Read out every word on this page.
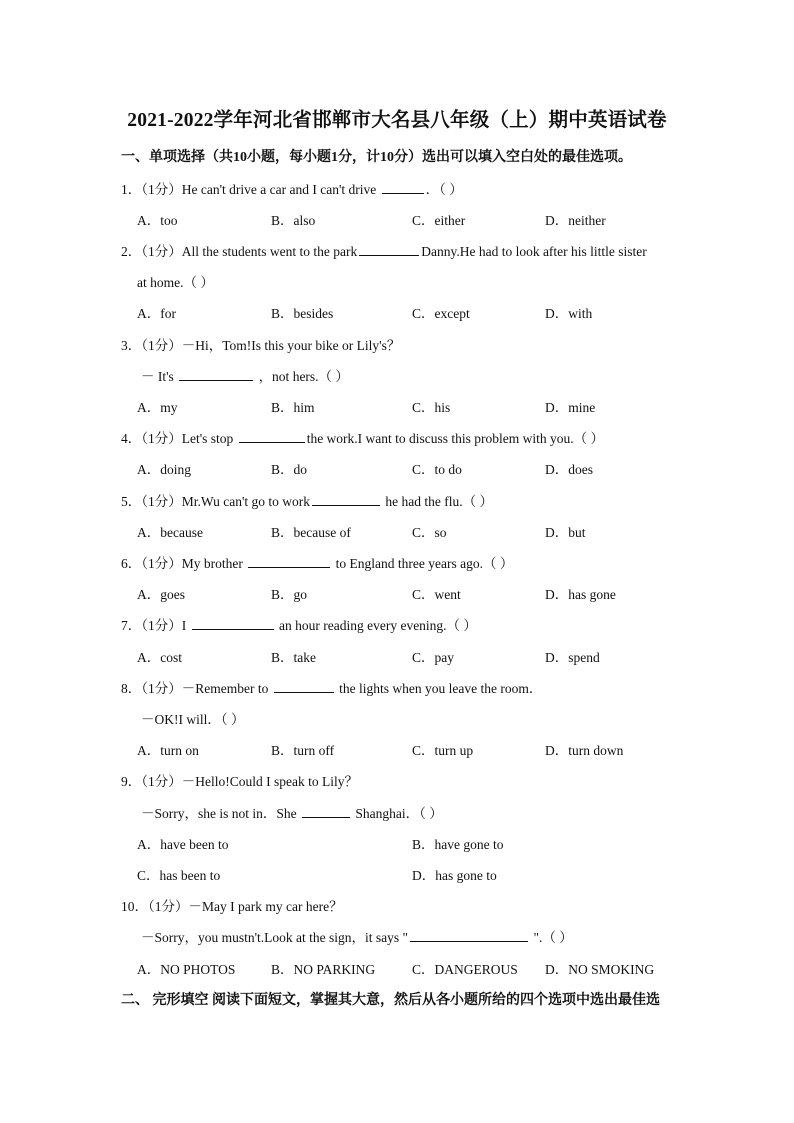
2021-2022学年河北省邯郸市大名县八年级（上）期中英语试卷
一、单项选择（共10小题，每小题1分，计10分）选出可以填入空白处的最佳选项。
1．（1分）He can't drive a car and I can't drive	．（ ）
A．too	B．also	C．either	D．neither
2．（1分）All the students went to the park	Danny.He had to look after his little sister
at home.（ ）
A．for	B．besides	C．except	D．with
3．（1分）－Hi，Tom!Is this your bike or Lily's？
－ It's	，not hers.（ ）
A．my	B．him	C．his	D．mine
4．（1分）Let's stop	the work.I want to discuss this problem with you.（ ）
A．doing	B．do	C．to do	D．does
5．（1分）Mr.Wu can't go to work	he had the flu.（ ）
A．because	B．because of	C．so	D．but
6．（1分）My brother	to England three years ago.（ ）
A．goes	B．go	C．went	D．has gone
7．（1分）I	an hour reading every evening.（ ）
A．cost	B．take	C．pay	D．spend
8．（1分）－Remember to	the lights when you leave the room．
－OK!I will．（ ）
A．turn on	B．turn off	C．turn up	D．turn down
9．（1分）－Hello!Could I speak to Lily？
－Sorry，she is not in．She	Shanghai．（ ）
A．have been to	B．have gone to
C．has been to	D．has gone to
10．（1分）－May I park my car here？
－Sorry，you mustn't.Look at the sign，it says "	".（ ）
A．NO PHOTOS	B．NO PARKING	C．DANGEROUS D．NO SMOKING
二、 完形填空 阅读下面短文，掌握其大意，然后从各小题所给的四个选项中选出最佳选
